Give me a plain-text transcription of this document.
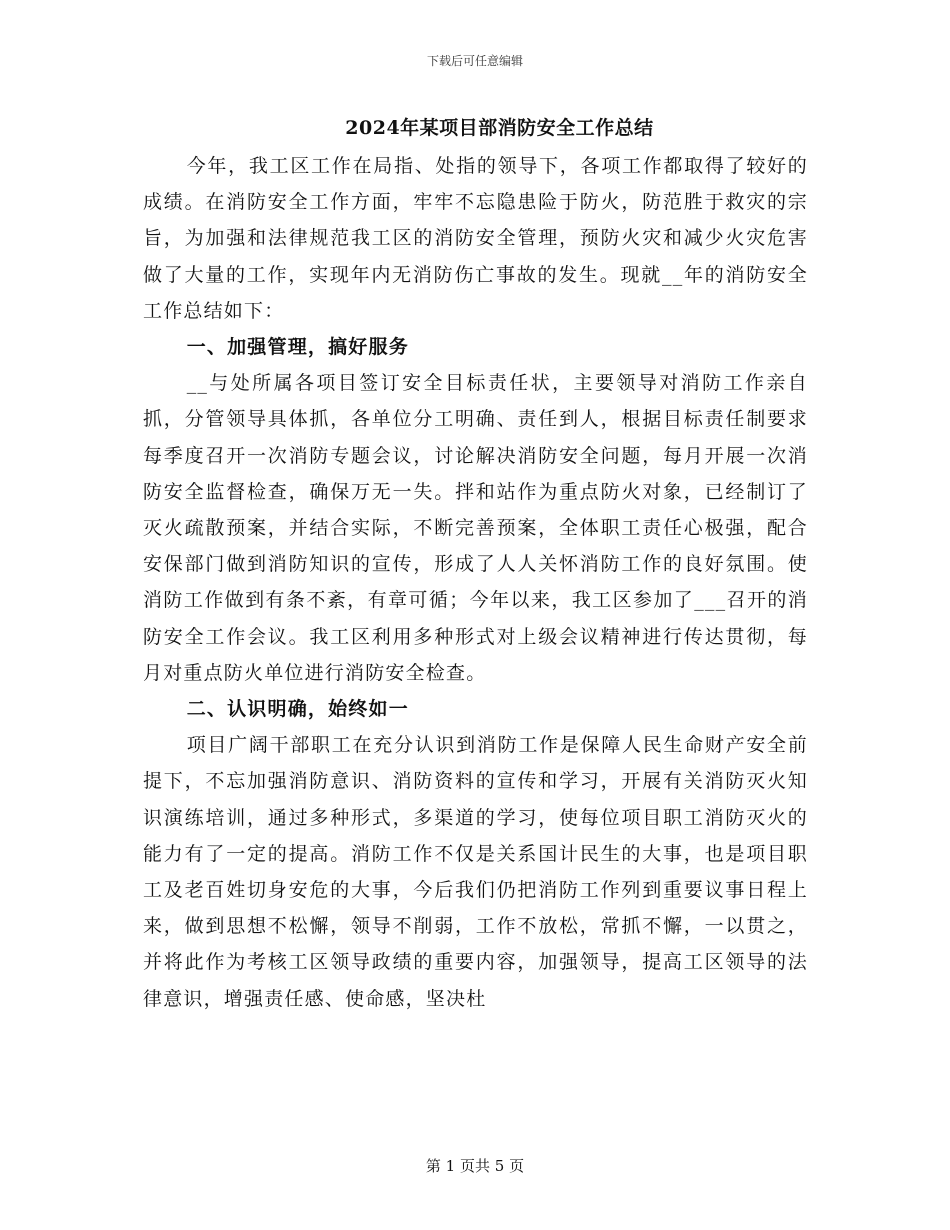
下载后可任意编辑
2024年某项目部消防安全工作总结

今年，我工区工作在局指、处指的领导下，各项工作都取得了较好的成绩。在消防安全工作方面，牢牢不忘隐患险于防火，防范胜于救灾的宗旨，为加强和法律规范我工区的消防安全管理，预防火灾和减少火灾危害做了大量的工作，实现年内无消防伤亡事故的发生。现就__年的消防安全工作总结如下：

一、加强管理，搞好服务

__与处所属各项目签订安全目标责任状，主要领导对消防工作亲自抓，分管领导具体抓，各单位分工明确、责任到人，根据目标责任制要求每季度召开一次消防专题会议，讨论解决消防安全问题，每月开展一次消防安全监督检查，确保万无一失。拌和站作为重点防火对象，已经制订了灭火疏散预案，并结合实际，不断完善预案，全体职工责任心极强，配合安保部门做到消防知识的宣传，形成了人人关怀消防工作的良好氛围。使消防工作做到有条不紊，有章可循；今年以来，我工区参加了___召开的消防安全工作会议。我工区利用多种形式对上级会议精神进行传达贯彻，每月对重点防火单位进行消防安全检查。

二、认识明确，始终如一

项目广阔干部职工在充分认识到消防工作是保障人民生命财产安全前提下，不忘加强消防意识、消防资料的宣传和学习，开展有关消防灭火知识演练培训，通过多种形式，多渠道的学习，使每位项目职工消防灭火的能力有了一定的提高。消防工作不仅是关系国计民生的大事，也是项目职工及老百姓切身安危的大事，今后我们仍把消防工作列到重要议事日程上来，做到思想不松懈，领导不削弱，工作不放松，常抓不懈，一以贯之，并将此作为考核工区领导政绩的重要内容，加强领导，提高工区领导的法律意识，增强责任感、使命感，坚决杜

第 1 页共 5 页
